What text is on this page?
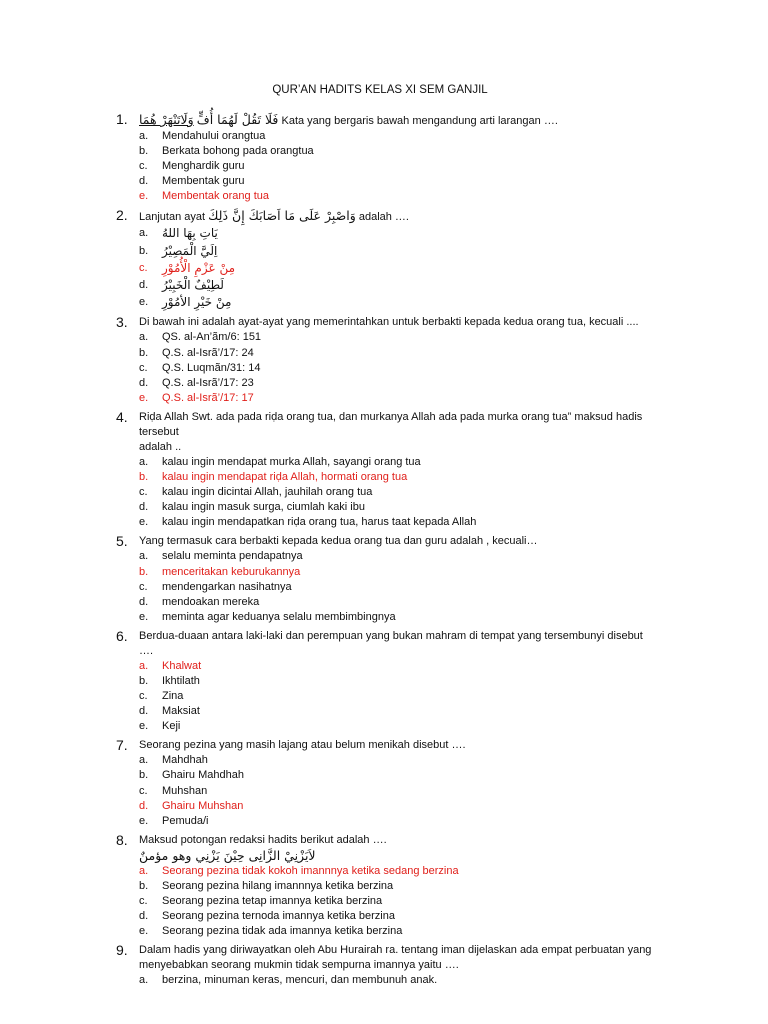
QUR’AN HADITS KELAS XI SEM GANJIL
1. وَلَاتَنْهَرْ هُمَا فَلَا تَقُلْ لَهُمَا أُفٍّ Kata yang bergaris bawah mengandung arti larangan ….
a. Mendahului orangtua
b. Berkata bohong pada orangtua
c. Menghardik guru
d. Membentak guru
e. Membentak orang tua
2. Lanjutan ayat وَاصْبِرْ عَلَى مَا اَصَابَكَ إِنَّ ذَلِكَ adalah ….
a. يَاتِ بِهَا اللهُ
b. اِلَيَّ الْمَصِيْرُ
c. مِنْ عَزْمِ الْأُمُوْرِ
d. لَطِيْفٌ الْخَبِيْرُ
e. مِنْ خَيْرِ الأمُوْرِ
3. Di bawah ini adalah ayat-ayat yang memerintahkan untuk berbakti kepada kedua orang tua, kecuali ....
a. QS. al-An’ãm/6: 151
b. Q.S. al-Isrã’/17: 24
c. Q.S. Luqmãn/31: 14
d. Q.S. al-Isrã’/17: 23
e. Q.S. al-Isrã’/17: 17
4. Riḍa Allah Swt. ada pada riḍa orang tua, dan murkanya Allah ada pada murka orang tua” maksud hadis tersebut
adalah ..
a. kalau ingin mendapat murka Allah, sayangi orang tua
b. kalau ingin mendapat riḍa Allah, hormati orang tua
c. kalau ingin dicintai Allah, jauhilah orang tua
d. kalau ingin masuk surga, ciumlah kaki ibu
e. kalau ingin mendapatkan riḍa orang tua, harus taat kepada Allah
5. Yang termasuk cara berbakti kepada kedua orang tua dan guru adalah , kecuali…
a. selalu meminta pendapatnya
b. menceritakan keburukannya
c. mendengarkan nasihatnya
d. mendoakan mereka
e. meminta agar keduanya selalu membimbingnya
6. Berdua-duaan antara laki-laki dan perempuan yang bukan mahram di tempat yang tersembunyi disebut ….
a. Khalwat
b. Ikhtilath
c. Zina
d. Maksiat
e. Keji
7. Seorang pezina yang masih lajang atau belum menikah disebut ….
a. Mahdhah
b. Ghairu Mahdhah
c. Muhshan
d. Ghairu Muhshan
e. Pemuda/i
8. Maksud potongan redaksi hadits berikut adalah ….
لاَيَزْنِيْ الزَّانِى حِيْنَ يَزْنِي وهو مؤمنٌ
a. Seorang pezina tidak kokoh imannnya ketika sedang berzina
b. Seorang pezina hilang imannnya ketika berzina
c. Seorang pezina tetap imannya ketika berzina
d. Seorang pezina ternoda imannya ketika berzina
e. Seorang pezina tidak ada imannya ketika berzina
9. Dalam hadis yang diriwayatkan oleh Abu Hurairah ra. tentang iman dijelaskan ada empat perbuatan yang
menyebabkan seorang mukmin tidak sempurna imannya yaitu ….
a. berzina, minuman keras, mencuri, dan membunuh anak.
